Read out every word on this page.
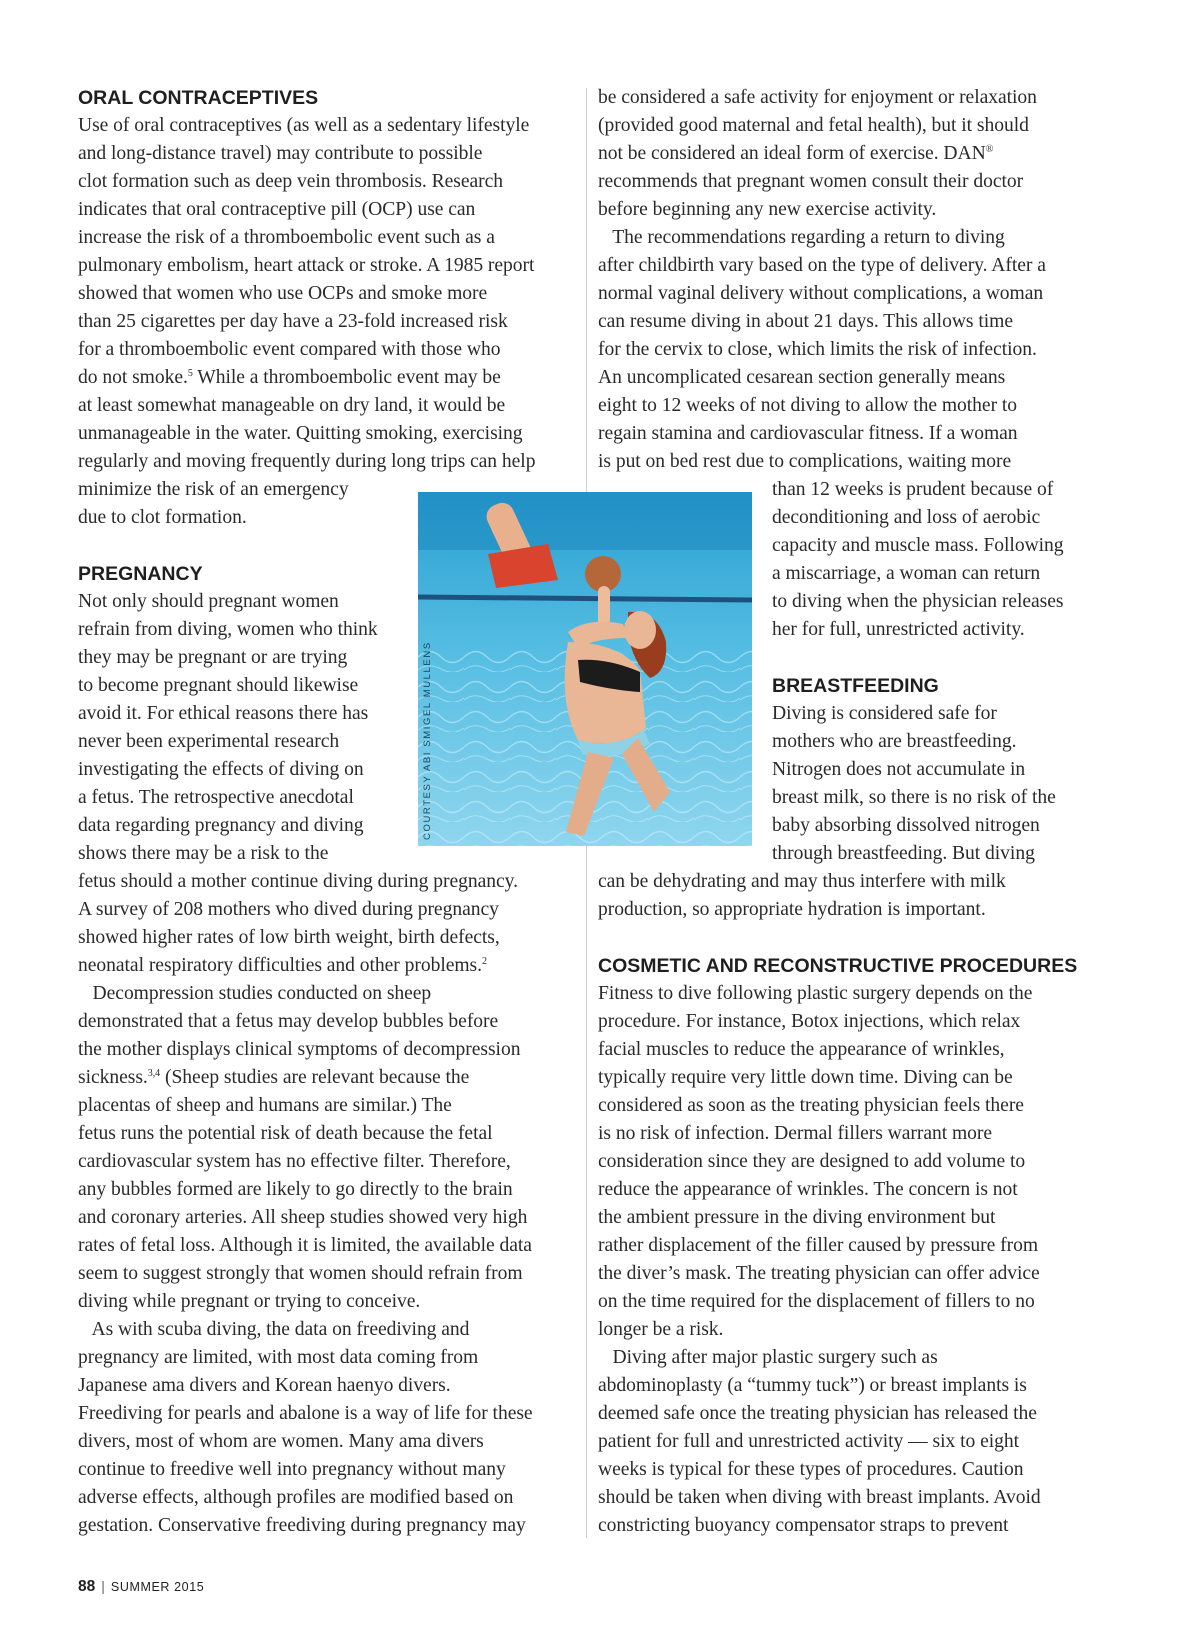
ORAL CONTRACEPTIVES
Use of oral contraceptives (as well as a sedentary lifestyle
and long-distance travel) may contribute to possible
clot formation such as deep vein thrombosis. Research
indicates that oral contraceptive pill (OCP) use can
increase the risk of a thromboembolic event such as a
pulmonary embolism, heart attack or stroke. A 1985 report
showed that women who use OCPs and smoke more
than 25 cigarettes per day have a 23-fold increased risk
for a thromboembolic event compared with those who
do not smoke.$^5$ While a thromboembolic event may be
at least somewhat manageable on dry land, it would be
unmanageable in the water. Quitting smoking, exercising
regularly and moving frequently during long trips can help
minimize the risk of an emergency
due to clot formation.
PREGNANCY
Not only should pregnant women
refrain from diving, women who think
they may be pregnant or are trying
to become pregnant should likewise
avoid it. For ethical reasons there has
never been experimental research
investigating the effects of diving on
a fetus. The retrospective anecdotal
data regarding pregnancy and diving
shows there may be a risk to the
fetus should a mother continue diving during pregnancy.
A survey of 208 mothers who dived during pregnancy
showed higher rates of low birth weight, birth defects,
neonatal respiratory difficulties and other problems.$^2$
Decompression studies conducted on sheep
demonstrated that a fetus may develop bubbles before
the mother displays clinical symptoms of decompression
sickness.$^{3,4}$ (Sheep studies are relevant because the
placentas of sheep and humans are similar.) The
fetus runs the potential risk of death because the fetal
cardiovascular system has no effective filter. Therefore,
any bubbles formed are likely to go directly to the brain
and coronary arteries. All sheep studies showed very high
rates of fetal loss. Although it is limited, the available data
seem to suggest strongly that women should refrain from
diving while pregnant or trying to conceive.
As with scuba diving, the data on freediving and
pregnancy are limited, with most data coming from
Japanese ama divers and Korean haenyo divers.
Freediving for pearls and abalone is a way of life for these
divers, most of whom are women. Many ama divers
continue to freedive well into pregnancy without many
adverse effects, although profiles are modified based on
gestation. Conservative freediving during pregnancy may
be considered a safe activity for enjoyment or relaxation
(provided good maternal and fetal health), but it should
not be considered an ideal form of exercise. DAN®
recommends that pregnant women consult their doctor
before beginning any new exercise activity.
The recommendations regarding a return to diving
after childbirth vary based on the type of delivery. After a
normal vaginal delivery without complications, a woman
can resume diving in about 21 days. This allows time
for the cervix to close, which limits the risk of infection.
An uncomplicated cesarean section generally means
eight to 12 weeks of not diving to allow the mother to
regain stamina and cardiovascular fitness. If a woman
is put on bed rest due to complications, waiting more
than 12 weeks is prudent because of
deconditioning and loss of aerobic
capacity and muscle mass. Following
a miscarriage, a woman can return
to diving when the physician releases
her for full, unrestricted activity.
BREASTFEEDING
Diving is considered safe for
mothers who are breastfeeding.
Nitrogen does not accumulate in
breast milk, so there is no risk of the
baby absorbing dissolved nitrogen
through breastfeeding. But diving
can be dehydrating and may thus interfere with milk
production, so appropriate hydration is important.
COSMETIC AND RECONSTRUCTIVE PROCEDURES
Fitness to dive following plastic surgery depends on the
procedure. For instance, Botox injections, which relax
facial muscles to reduce the appearance of wrinkles,
typically require very little down time. Diving can be
considered as soon as the treating physician feels there
is no risk of infection. Dermal fillers warrant more
consideration since they are designed to add volume to
reduce the appearance of wrinkles. The concern is not
the ambient pressure in the diving environment but
rather displacement of the filler caused by pressure from
the diver’s mask. The treating physician can offer advice
on the time required for the displacement of fillers to no
longer be a risk.
Diving after major plastic surgery such as
abdominoplasty (a “tummy tuck”) or breast implants is
deemed safe once the treating physician has released the
patient for full and unrestricted activity — six to eight
weeks is typical for these types of procedures. Caution
should be taken when diving with breast implants. Avoid
constricting buoyancy compensator straps to prevent
COURTESY ABI SMIGEL MULLENS
88 | SUMMER 2015
